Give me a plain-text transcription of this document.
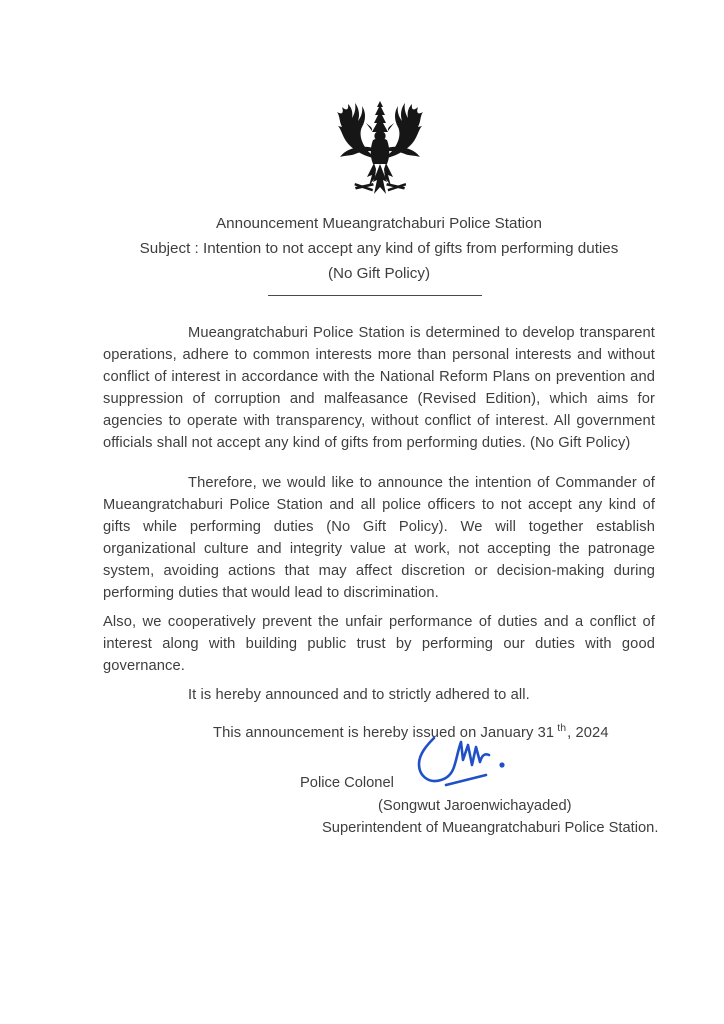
Announcement Mueangratchaburi Police Station
Subject : Intention to not accept any kind of gifts from performing duties
(No Gift Policy)

Mueangratchaburi Police Station is determined to develop transparent operations, adhere to common interests more than personal interests and without conflict of interest in accordance with the National Reform Plans on prevention and suppression of corruption and malfeasance (Revised Edition), which aims for agencies to operate with transparency, without conflict of interest. All government officials shall not accept any kind of gifts from performing duties. (No Gift Policy)

Therefore, we would like to announce the intention of Commander of Mueangratchaburi Police Station and all police officers to not accept any kind of gifts while performing duties (No Gift Policy). We will together establish organizational culture and integrity value at work, not accepting the patronage system, avoiding actions that may affect discretion or decision-making during performing duties that would lead to discrimination.

Also, we cooperatively prevent the unfair performance of duties and a conflict of interest along with building public trust by performing our duties with good governance.

It is hereby announced and to strictly adhered to all.

This announcement is hereby issued on January 31 $^{th}$, 2024

Police Colonel
(Songwut Jaroenwichayaded)
Superintendent of Mueangratchaburi Police Station.
